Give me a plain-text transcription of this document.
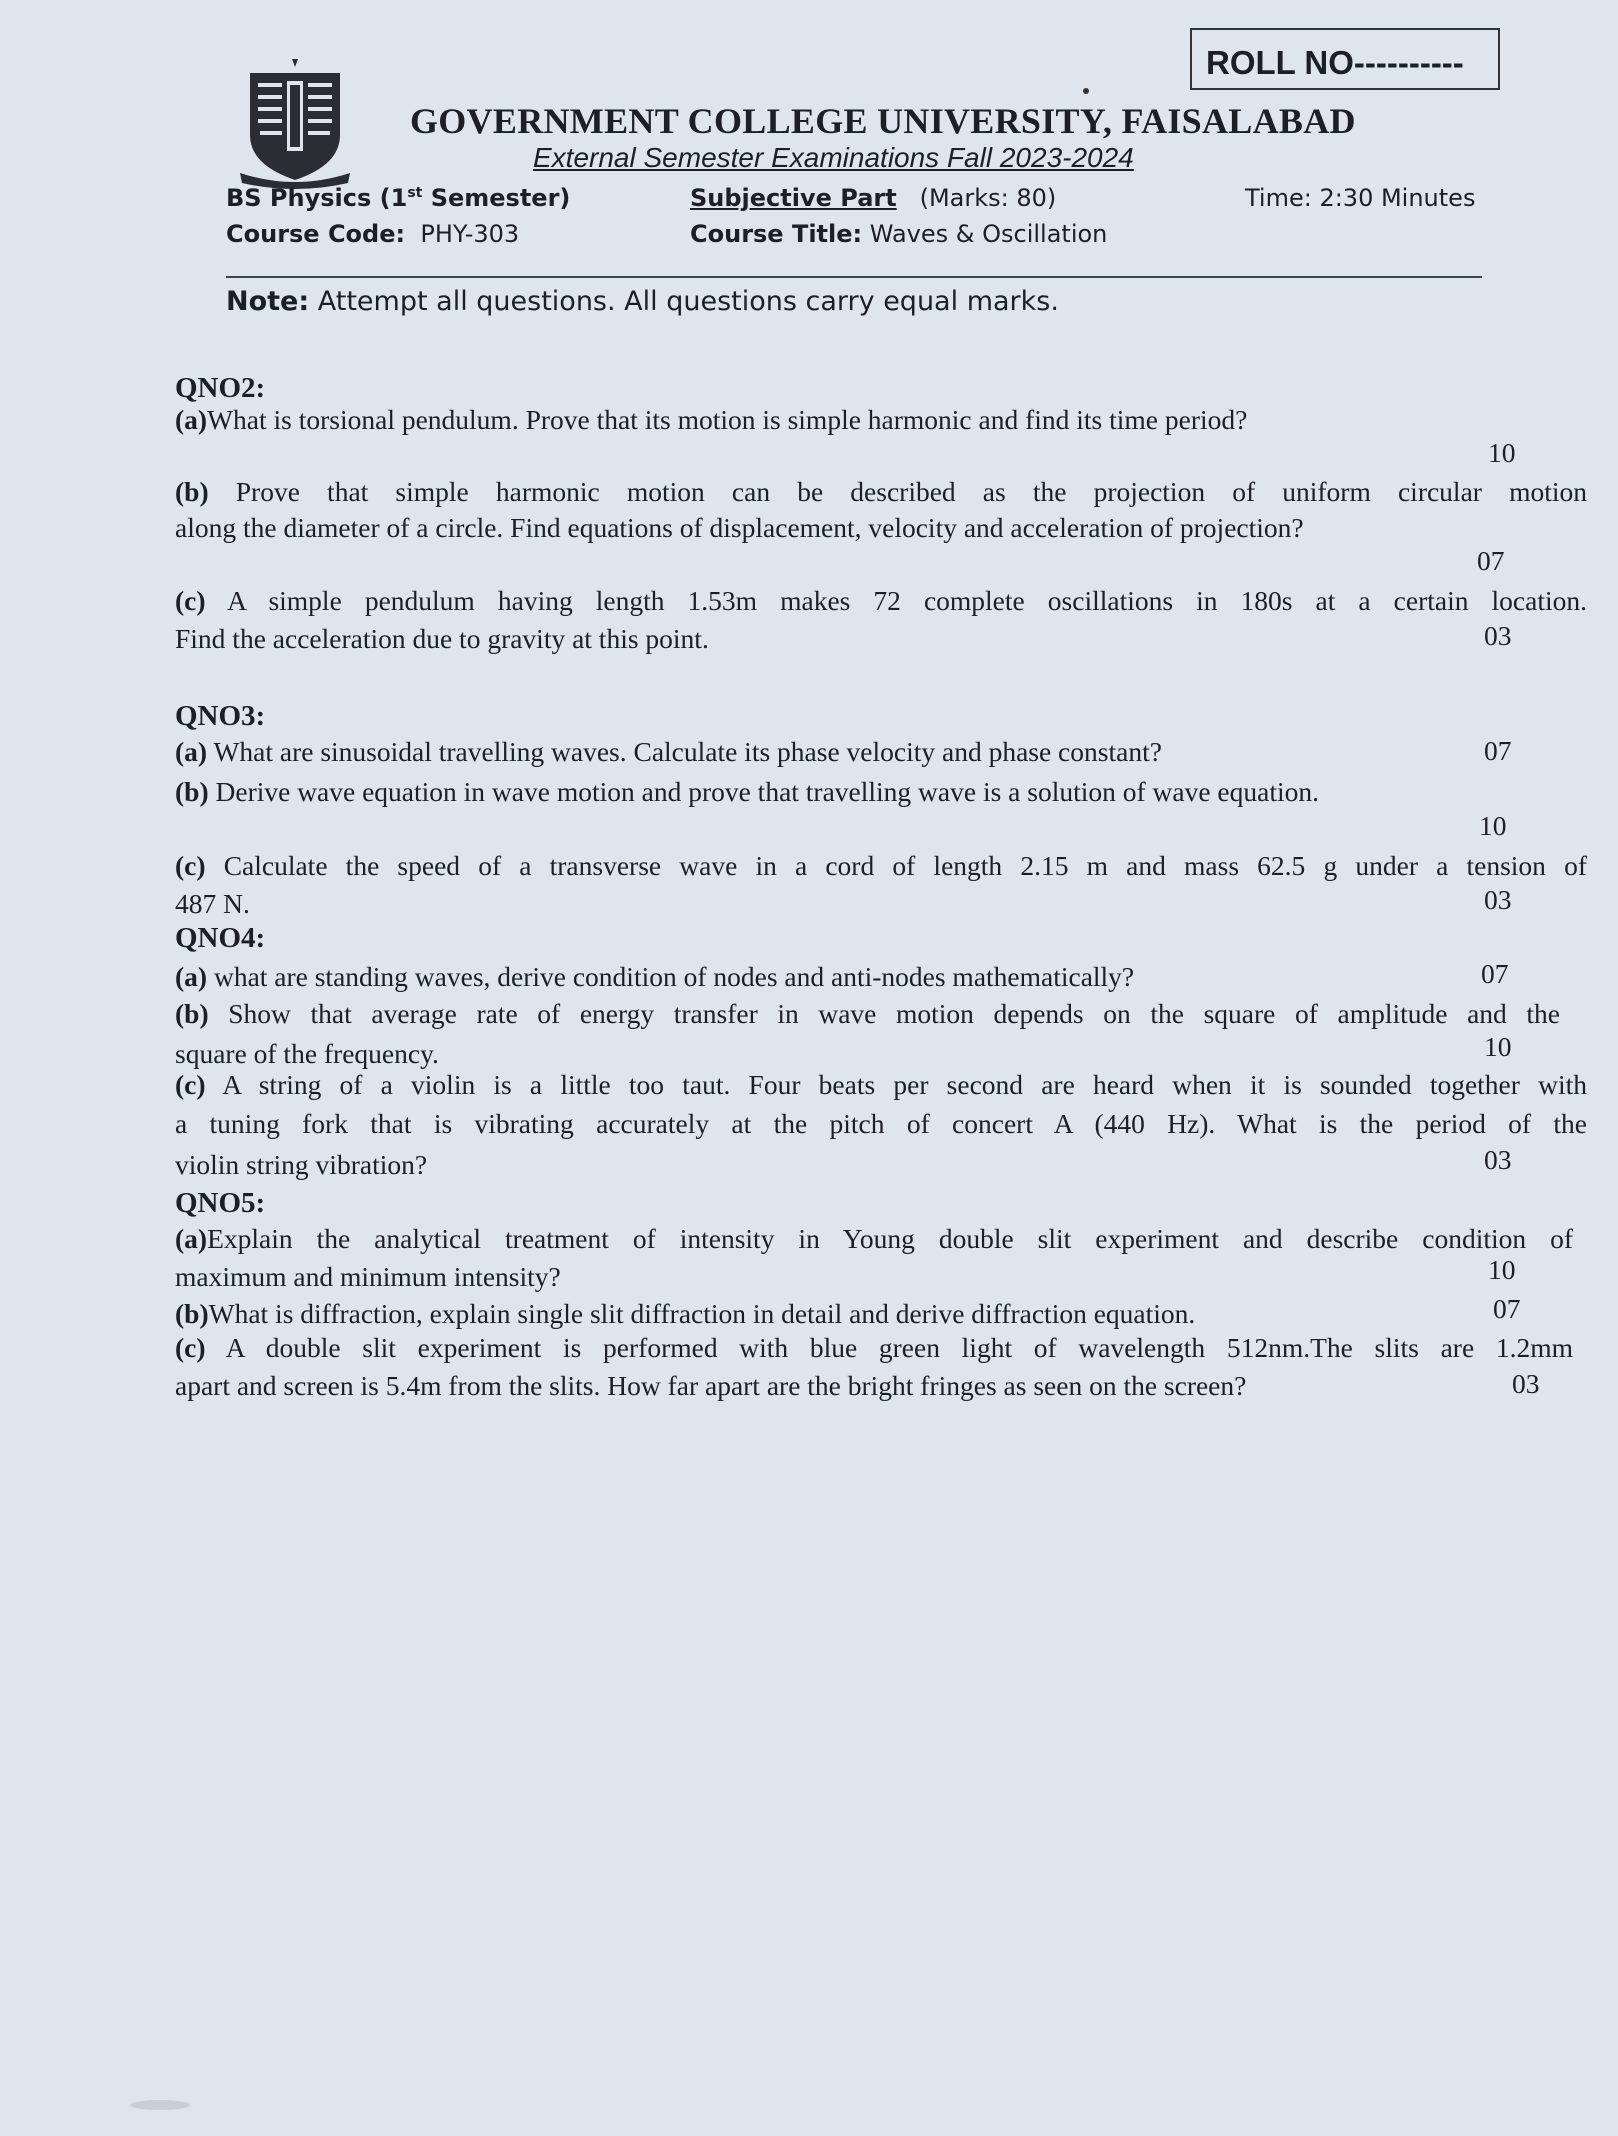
ROLL NO----------
GOVERNMENT COLLEGE UNIVERSITY, FAISALABAD
External Semester Examinations Fall 2023-2024
BS Physics (1st Semester)
Course Code: PHY-303
Subjective Part (Marks: 80)
Course Title: Waves & Oscillation
Time: 2:30 Minutes
Note: Attempt all questions. All questions carry equal marks.
QNO2:
(a)What is torsional pendulum. Prove that its motion is simple harmonic and find its time period?
10
(b) Prove that simple harmonic motion can be described as the projection of uniform circular motion
along the diameter of a circle. Find equations of displacement, velocity and acceleration of projection?
07
(c) A simple pendulum having length 1.53m makes 72 complete oscillations in 180s at a certain location.
Find the acceleration due to gravity at this point.	03
QNO3:
(a) What are sinusoidal travelling waves. Calculate its phase velocity and phase constant?	07
(b) Derive wave equation in wave motion and prove that travelling wave is a solution of wave equation.
10
(c) Calculate the speed of a transverse wave in a cord of length 2.15 m and mass 62.5 g under a tension of
487 N.	03
QNO4:
(a) what are standing waves, derive condition of nodes and anti-nodes mathematically?	07
(b) Show that average rate of energy transfer in wave motion depends on the square of amplitude and the
square of the frequency.	10
(c) A string of a violin is a little too taut. Four beats per second are heard when it is sounded together with
a tuning fork that is vibrating accurately at the pitch of concert A (440 Hz). What is the period of the
violin string vibration?	03
QNO5:
(a)Explain the analytical treatment of intensity in Young double slit experiment and describe condition of
maximum and minimum intensity?	10
(b)What is diffraction, explain single slit diffraction in detail and derive diffraction equation.	07
(c) A double slit experiment is performed with blue green light of wavelength 512nm.The slits are 1.2mm
apart and screen is 5.4m from the slits. How far apart are the bright fringes as seen on the screen?	03
